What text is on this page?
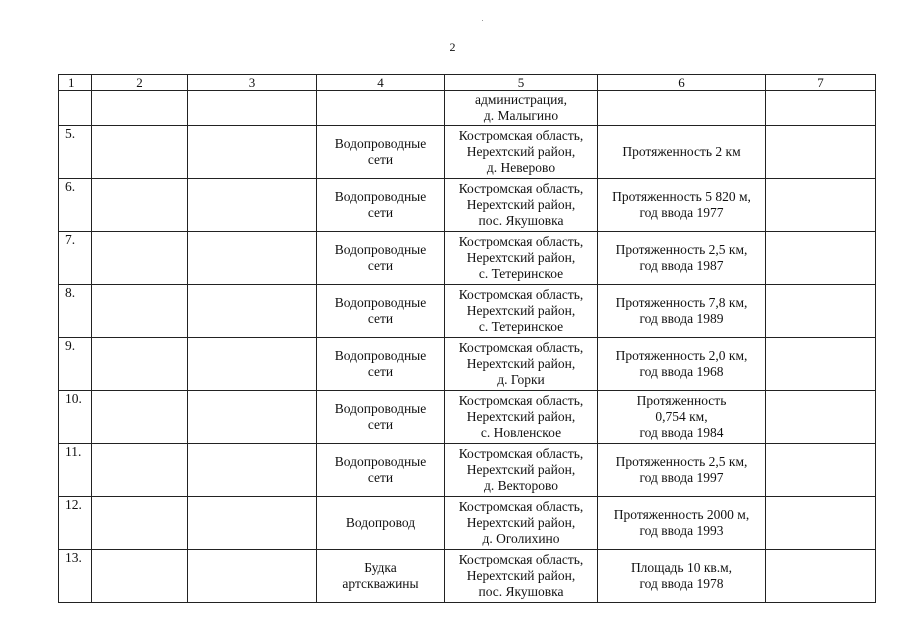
2
1	2	3	4	5	6	7
				администрация,
д. Малыгино		
5.			Водопроводные
сети	Костромская область,
Нерехтский район,
д. Неверово	Протяженность 2 км	
6.			Водопроводные
сети	Костромская область,
Нерехтский район,
пос. Якушовка	Протяженность 5 820 м,
год ввода 1977	
7.			Водопроводные
сети	Костромская область,
Нерехтский район,
с. Тетеринское	Протяженность 2,5 км,
год ввода 1987	
8.			Водопроводные
сети	Костромская область,
Нерехтский район,
с. Тетеринское	Протяженность 7,8 км,
год ввода 1989	
9.			Водопроводные
сети	Костромская область,
Нерехтский район,
д. Горки	Протяженность 2,0 км,
год ввода 1968	
10.			Водопроводные
сети	Костромская область,
Нерехтский район,
с. Новленское	Протяженность
0,754 км,
год ввода 1984	
11.			Водопроводные
сети	Костромская область,
Нерехтский район,
д. Векторово	Протяженность 2,5 км,
год ввода 1997	
12.			Водопровод	Костромская область,
Нерехтский район,
д. Оголихино	Протяженность 2000 м,
год ввода 1993	
13.			Будка
артскважины	Костромская область,
Нерехтский район,
пос. Якушовка	Площадь 10 кв.м,
год ввода 1978	
